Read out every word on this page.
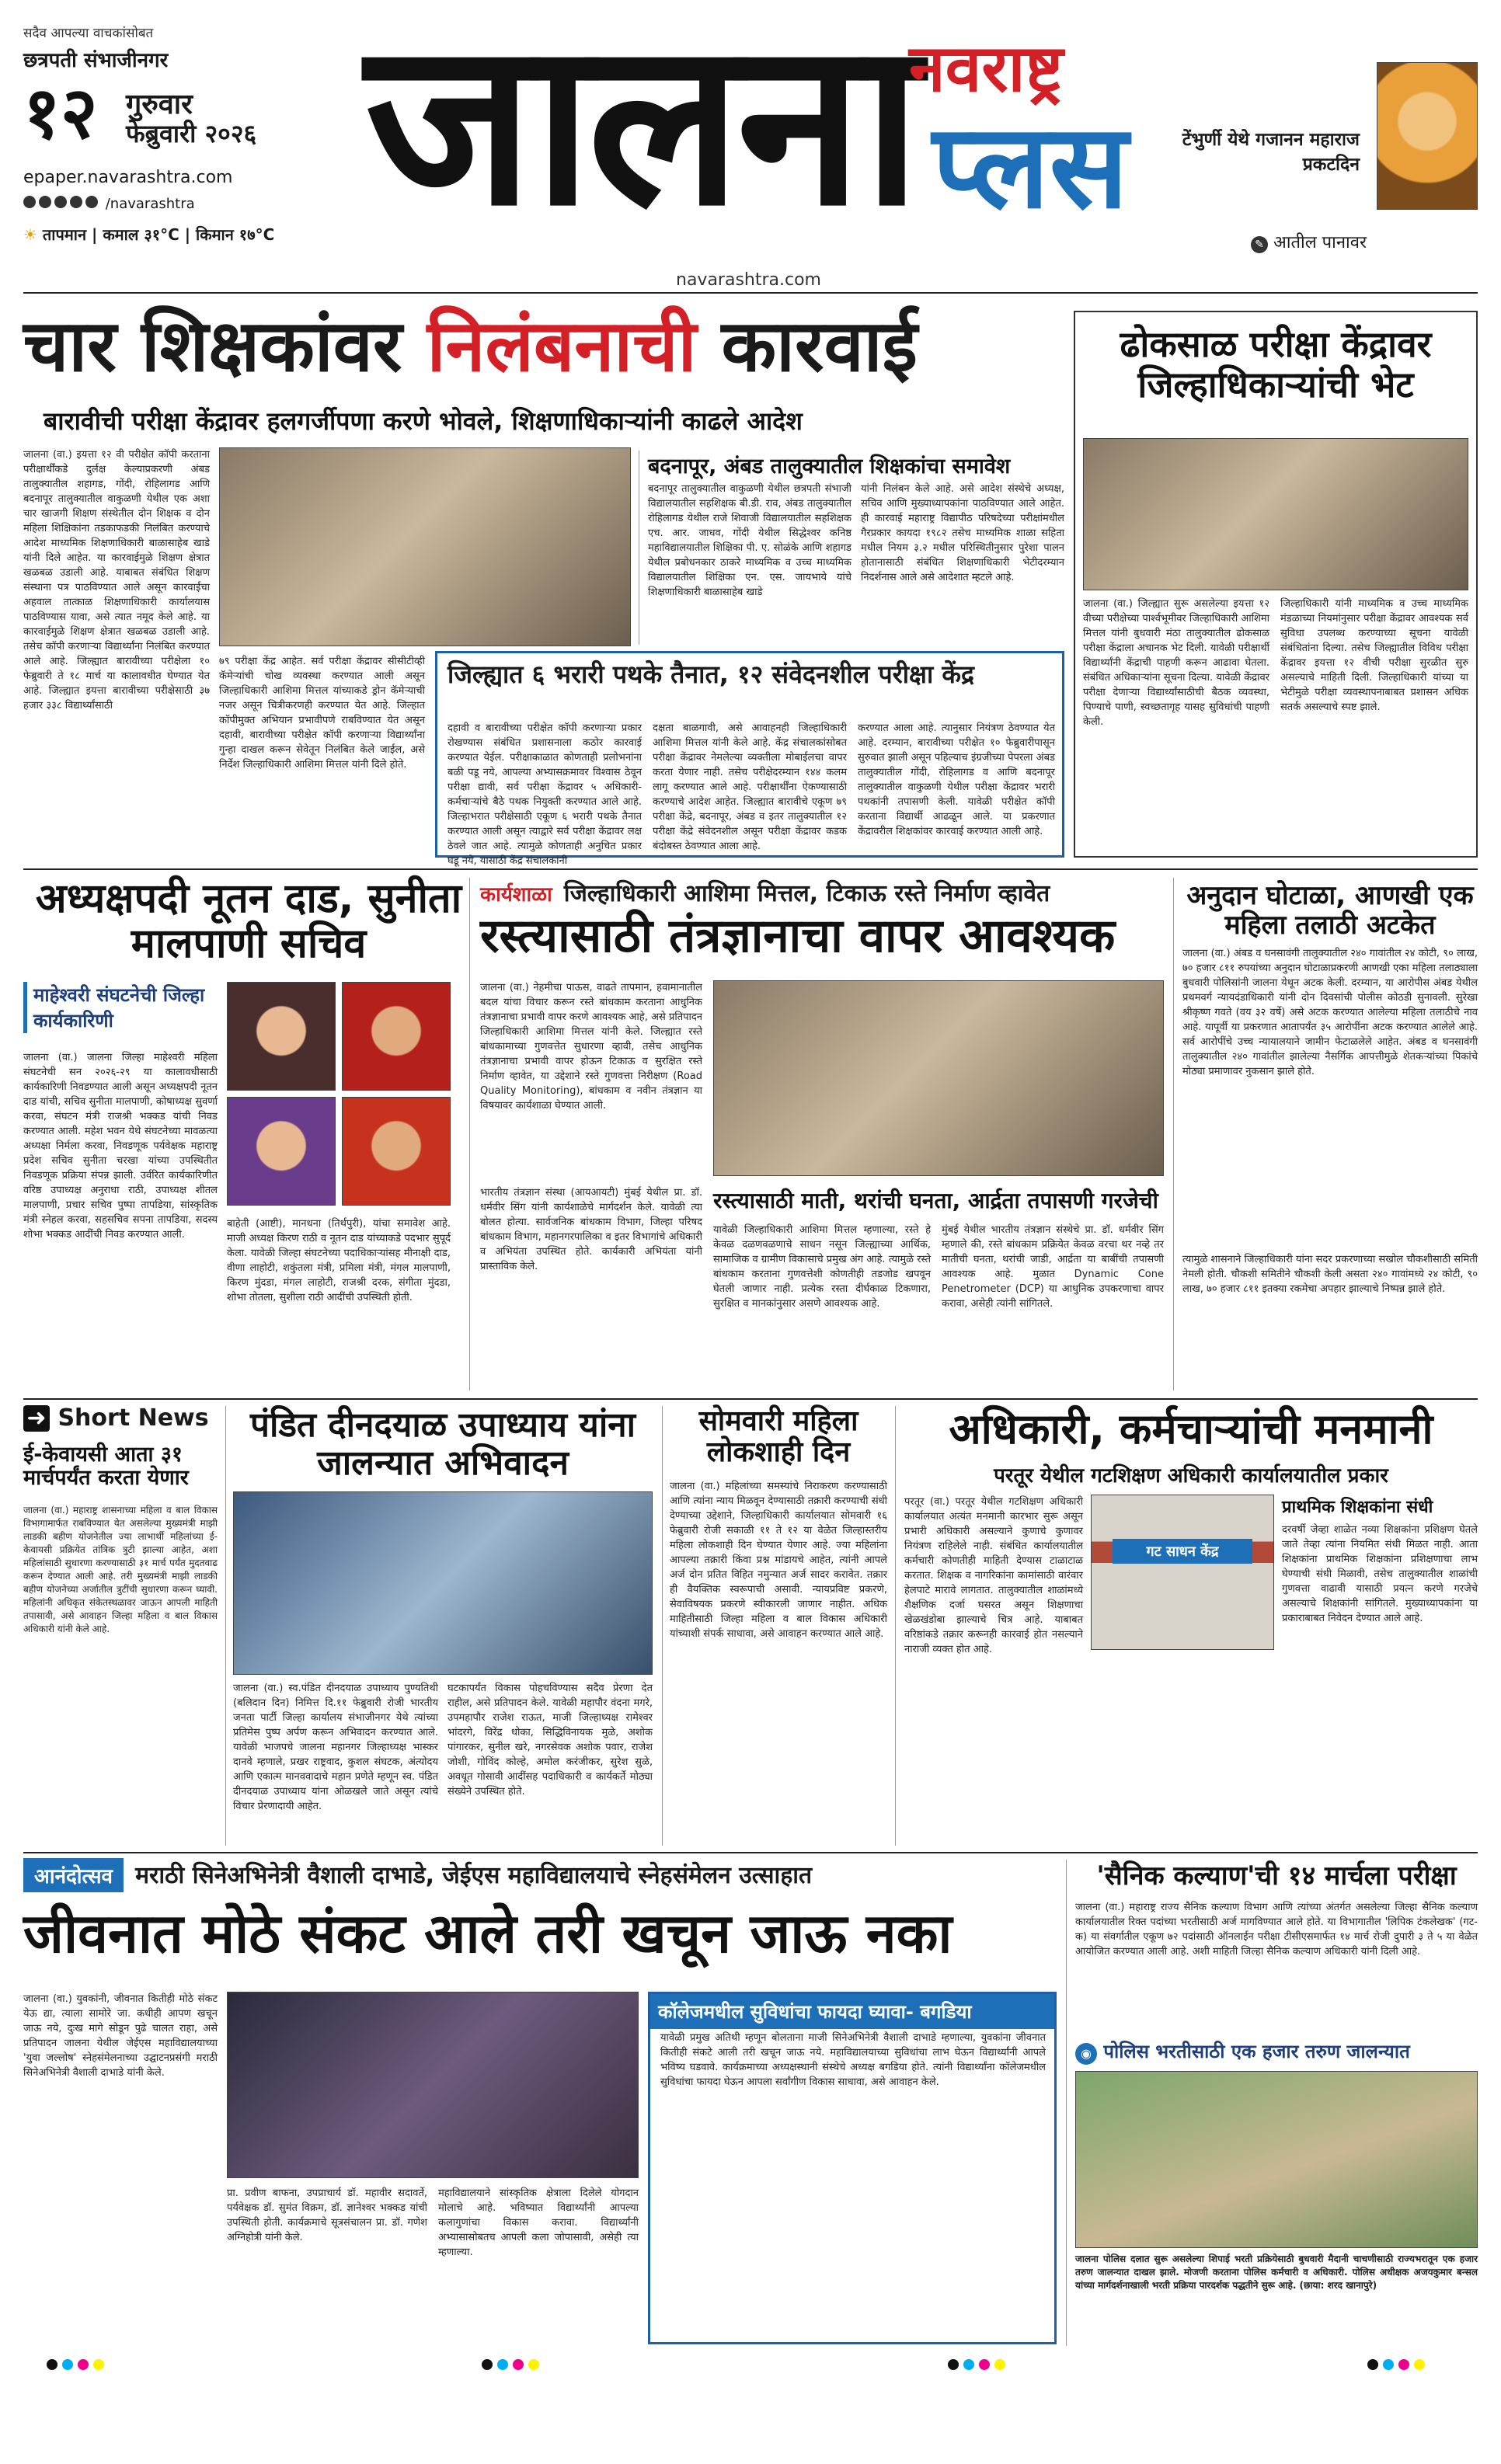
सदैव आपल्या वाचकांसोबत
छत्रपती संभाजीनगर
१२ गुरुवार
फेब्रुवारी २०२६
epaper.navarashtra.com
/navarashtra
☀ तापमान | कमाल ३१°C | किमान १७°C जालना
नवराष्ट्र
प्लस
navarashtra.com
टेंभुर्णी येथे गजानन महाराज प्रकटदिन
✎ आतील पानावर
चार शिक्षकांवर निलंबनाची कारवाई
बारावीची परीक्षा केंद्रावर हलगर्जीपणा करणे भोवले, शिक्षणाधिकाऱ्यांनी काढले आदेश
जालना (वा.) इयत्ता १२ वी परीक्षेत कॉपी करताना परीक्षार्थींकडे दुर्लक्ष केल्याप्रकरणी अंबड तालुक्यातील शहागड, गोंदी, रोहिलागड आणि बदनापूर तालुक्यातील वाकुळणी येथील एक अशा चार खाजगी शिक्षण संस्थेतील दोन शिक्षक व दोन महिला शिक्षिकांना तडकाफडकी निलंबित करण्याचे आदेश माध्यमिक शिक्षणाधिकारी बाळासाहेब खाडे यांनी दिले आहेत. या कारवाईमुळे शिक्षण क्षेत्रात खळबळ उडाली आहे. याबाबत संबंधित शिक्षण संस्थाना पत्र पाठविण्यात आले असून कारवाईचा अहवाल तात्काळ शिक्षणाधिकारी कार्यालयास पाठविण्यास यावा, असे त्यात नमूद केले आहे. या कारवाईमुळे शिक्षण क्षेत्रात खळबळ उडाली आहे. तसेच कॉपी करणाऱ्या विद्यार्थ्यांना निलंबित करण्यात आले आहे. जिल्ह्यात बारावीच्या परीक्षेला १० फेब्रुवारी ते १८ मार्च या कालावधीत घेण्यात येत आहे. जिल्ह्यात इयत्ता बारावीच्या परीक्षेसाठी ३७ हजार ३३८ विद्यार्थ्यांसाठी
७९ परीक्षा केंद्र आहेत. सर्व परीक्षा केंद्रावर सीसीटीव्ही कॅमेऱ्यांची चोख व्यवस्था करण्यात आली असून जिल्हाधिकारी आशिमा मित्तल यांच्याकडे ड्रोन कॅमेऱ्याची नजर असून चित्रीकरणही करण्यात येत आहे. जिल्हात कॉपीमुक्त अभियान प्रभावीपणे राबविण्यात येत असून दहावी, बारावीच्या परीक्षेत कॉपी करणाऱ्या विद्यार्थ्यांना गुन्हा दाखल करून सेवेतून निलंबित केले जाईल, असे निर्देश जिल्हाधिकारी आशिमा मित्तल यांनी दिले होते.
बदनापूर, अंबड तालुक्यातील शिक्षकांचा समावेश
बदनापूर तालुक्यातील वाकुळणी येथील छत्रपती संभाजी विद्यालयातील सहशिक्षक बी.डी. राव, अंबड तालुक्यातील रोहिलागड येथील राजे शिवाजी विद्यालयातील सहशिक्षक एच. आर. जाधव, गोंदी येथील सिद्धेश्वर कनिष्ठ महाविद्यालयातील शिक्षिका पी. ए. सोळंके आणि शहागड येथील प्रबोधनकार ठाकरे माध्यमिक व उच्च माध्यमिक विद्यालयातील शिक्षिका एन. एस. जायभाये यांचे शिक्षणाधिकारी बाळासाहेब खाडे
यांनी निलंबन केले आहे. असे आदेश संस्थेचे अध्यक्ष, सचिव आणि मुख्याध्यापकांना पाठविण्यात आले आहेत. ही कारवाई महाराष्ट्र विद्यापीठ परिषदेच्या परीक्षांमधील गैरप्रकार कायदा १९८२ तसेच माध्यमिक शाळा सहिता मधील नियम ३.२ मधील परिस्थितीनुसार पुरेशा पालन होतानासाठी संबंधित शिक्षणाधिकारी भेटीदरम्यान निदर्शनास आले असे आदेशात म्हटले आहे.
जिल्ह्यात ६ भरारी पथके तैनात, १२ संवेदनशील परीक्षा केंद्र
दहावी व बारावीच्या परीक्षेत कॉपी करणाऱ्या प्रकार रोखण्यास संबंधित प्रशासनाला कठोर कारवाई करण्यात येईल. परीक्षाकाळात कोणताही प्रलोभनांना बळी पडू नये, आपल्या अभ्यासक्रमावर विश्वास ठेवून परीक्षा द्यावी, सर्व परीक्षा केंद्रावर ५ अधिकारी-कर्मचाऱ्यांचे बैठे पथक नियुक्ती करण्यात आले आहे. जिल्हाभरात परीक्षेसाठी एकूण ६ भरारी पथके तैनात करण्यात आली असून त्याद्वारे सर्व परीक्षा केंद्रावर लक्ष ठेवले जात आहे. त्यामुळे कोणताही अनुचित प्रकार घडू नये, यासाठी केंद्र संचालकांनी
दक्षता बाळगावी, असे आवाहनही जिल्हाधिकारी आशिमा मित्तल यांनी केले आहे. केंद्र संचालकांसोबत परीक्षा केंद्रावर नेमलेल्या व्यक्तीला मोबाईलचा वापर करता येणार नाही. तसेच परीक्षेदरम्यान १४४ कलम लागू करण्यात आले आहे. परीक्षार्थींना ऐकण्यासाठी करण्याचे आदेश आहेत. जिल्ह्यात बारावीचे एकूण ७९ परीक्षा केंद्रे, बदनापूर, अंबड व इतर तालुक्यातील १२ परीक्षा केंद्रे संवेदनशील असून परीक्षा केंद्रावर कडक बंदोबस्त ठेवण्यात आला आहे.
करण्यात आला आहे. त्यानुसार नियंत्रण ठेवण्यात येत आहे. दरम्यान, बारावीच्या परीक्षेत १० फेब्रुवारीपासून सुरुवात झाली असून पहिल्याच इंग्रजीच्या पेपरला अंबड तालुक्यातील गोंदी, रोहिलागड व आणि बदनापूर तालुक्यातील वाकुळणी येथील परीक्षा केंद्रावर भरारी पथकांनी तपासणी केली. यावेळी परीक्षेत कॉपी करताना विद्यार्थी आढळून आले. या प्रकरणात केंद्रावरील शिक्षकांवर कारवाई करण्यात आली आहे.
ढोकसाळ परीक्षा केंद्रावर जिल्हाधिकाऱ्यांची भेट
जालना (वा.) जिल्ह्यात सुरू असलेल्या इयत्ता १२ वीच्या परीक्षेच्या पार्श्वभूमीवर जिल्हाधिकारी आशिमा मित्तल यांनी बुधवारी मंठा तालुक्यातील ढोकसाळ परीक्षा केंद्राला अचानक भेट दिली. यावेळी परीक्षार्थी विद्यार्थ्यांनी केंद्राची पाहणी करून आढावा घेतला. संबंधित अधिकाऱ्यांना सूचना दिल्या. यावेळी केंद्रावर परीक्षा देणाऱ्या विद्यार्थ्यांसाठीची बैठक व्यवस्था, पिण्याचे पाणी, स्वच्छतागृह यासह सुविधांची पाहणी केली.
जिल्हाधिकारी यांनी माध्यमिक व उच्च माध्यमिक मंडळाच्या नियमांनुसार परीक्षा केंद्रावर आवश्यक सर्व सुविधा उपलब्ध करण्याच्या सूचना यावेळी संबंधितांना दिल्या. तसेच जिल्ह्यातील विविध परीक्षा केंद्रावर इयत्ता १२ वीची परीक्षा सुरळीत सुरु असल्याचे माहिती दिली. जिल्हाधिकारी यांच्या या भेटीमुळे परीक्षा व्यवस्थापनाबाबत प्रशासन अधिक सतर्क असल्याचे स्पष्ट झाले.
अध्यक्षपदी नूतन दाड, सुनीता मालपाणी सचिव
माहेश्वरी संघटनेची जिल्हा कार्यकारिणी
जालना (वा.) जालना जिल्हा माहेश्वरी महिला संघटनेची सन २०२६-२९ या कालावधीसाठी कार्यकारिणी निवडण्यात आली असून अध्यक्षपदी नूतन दाड यांची, सचिव सुनीता मालपाणी, कोषाध्यक्ष सुवर्णा करवा, संघटन मंत्री राजश्री भक्कड यांची निवड करण्यात आली. महेश भवन येथे संघटनेच्या मावळत्या अध्यक्षा निर्मला करवा, निवडणूक पर्यवेक्षक महाराष्ट्र प्रदेश सचिव सुनीता चरखा यांच्या उपस्थितीत निवडणूक प्रक्रिया संपन्न झाली. उर्वरित कार्यकारिणीत वरिष्ठ उपाध्यक्ष अनुराधा राठी, उपाध्यक्ष शीतल मालपाणी, प्रचार सचिव पुष्पा तापडिया, सांस्कृतिक मंत्री स्नेहल करवा, सहसचिव सपना तापडिया, सदस्य शोभा भक्कड आदींची निवड करण्यात आली.
बाहेती (आष्टी), मानधना (तिर्थपुरी), यांचा समावेश आहे. माजी अध्यक्ष किरण राठी व नूतन दाड यांच्याकडे पदभार सुपूर्द केला. यावेळी जिल्हा संघटनेच्या पदाधिकाऱ्यांसह मीनाक्षी दाड, वीणा लाहोटी, शकुंतला मंत्री, प्रमिला मंत्री, मंगल मालपाणी, किरण मुंदडा, मंगल लाहोटी, राजश्री दरक, संगीता मुंदडा, शोभा तोतला, सुशीला राठी आदींची उपस्थिती होती.
कार्यशाळा जिल्हाधिकारी आशिमा मित्तल, टिकाऊ रस्ते निर्माण व्हावेत
रस्त्यासाठी तंत्रज्ञानाचा वापर आवश्यक
जालना (वा.) नेहमीचा पाऊस, वाढते तापमान, हवामानातील बदल यांचा विचार करून रस्ते बांधकाम करताना आधुनिक तंत्रज्ञानाचा प्रभावी वापर करणे आवश्यक आहे, असे प्रतिपादन जिल्हाधिकारी आशिमा मित्तल यांनी केले. जिल्ह्यात रस्ते बांधकामाच्या गुणवत्तेत सुधारणा व्हावी, तसेच आधुनिक तंत्रज्ञानाचा प्रभावी वापर होऊन टिकाऊ व सुरक्षित रस्ते निर्माण व्हावेत, या उद्देशाने रस्ते गुणवत्ता निरीक्षण (Road Quality Monitoring), बांधकाम व नवीन तंत्रज्ञान या विषयावर कार्यशाळा घेण्यात आली.
भारतीय तंत्रज्ञान संस्था (आयआयटी) मुंबई येथील प्रा. डॉ. धर्मवीर सिंग यांनी कार्यशाळेचे मार्गदर्शन केले. यावेळी त्या बोलत होत्या. सार्वजनिक बांधकाम विभाग, जिल्हा परिषद बांधकाम विभाग, महानगरपालिका व इतर विभागांचे अधिकारी व अभियंता उपस्थित होते. कार्यकारी अभियंता यांनी प्रास्ताविक केले.
रस्त्यासाठी माती, थरांची घनता, आर्द्रता तपासणी गरजेची
यावेळी जिल्हाधिकारी आशिमा मित्तल म्हणाल्या, रस्ते हे केवळ दळणवळणाचे साधन नसून जिल्ह्याच्या आर्थिक, सामाजिक व ग्रामीण विकासाचे प्रमुख अंग आहे. त्यामुळे रस्ते बांधकाम करताना गुणवत्तेशी कोणतीही तडजोड खपवून घेतली जाणार नाही. प्रत्येक रस्ता दीर्घकाळ टिकणारा, सुरक्षित व मानकांनुसार असणे आवश्यक आहे.
मुंबई येथील भारतीय तंत्रज्ञान संस्थेचे प्रा. डॉ. धर्मवीर सिंग म्हणाले की, रस्ते बांधकाम प्रक्रियेत केवळ वरचा थर नव्हे तर मातीची घनता, थरांची जाडी, आर्द्रता या बाबींची तपासणी आवश्यक आहे. मुळात Dynamic Cone Penetrometer (DCP) या आधुनिक उपकरणाचा वापर करावा, असेही त्यांनी सांगितले.
अनुदान घोटाळा, आणखी एक महिला तलाठी अटकेत
जालना (वा.) अंबड व घनसावंगी तालुक्यातील २४० गावांतील २४ कोटी, ९० लाख, ७० हजार ८११ रुपयांच्या अनुदान घोटाळाप्रकरणी आणखी एका महिला तलाठ्याला बुधवारी पोलिसांनी जालना येथून अटक केली. दरम्यान, या आरोपीस अंबड येथील प्रथमवर्ग न्यायदंडाधिकारी यांनी दोन दिवसांची पोलीस कोठडी सुनावली. सुरेखा श्रीकृष्ण गवते (वय ३२ वर्षे) असे अटक करण्यात आलेल्या महिला तलाठीचे नाव आहे. यापूर्वी या प्रकरणात आतापर्यंत ३५ आरोपींना अटक करण्यात आलेले आहे. सर्व आरोपींचे उच्च न्यायालयाने जामीन फेटाळलेले आहेत. अंबड व घनसावंगी तालुक्यातील २४० गावांतील झालेल्या नैसर्गिक आपत्तीमुळे शेतकऱ्यांच्या पिकांचे मोठ्या प्रमाणावर नुकसान झाले होते.
त्यामुळे शासनाने जिल्हाधिकारी यांना सदर प्रकरणाच्या सखोल चौकशीसाठी समिती नेमली होती. चौकशी समितीने चौकशी केली असता २४० गावांमध्ये २४ कोटी, ९० लाख, ७० हजार ८११ इतक्या रकमेचा अपहार झाल्याचे निष्पन्न झाले होते.
➜ Short News
ई-केवायसी आता ३१ मार्चपर्यंत करता येणार
जालना (वा.) महाराष्ट्र शासनाच्या महिला व बाल विकास विभागामार्फत राबविण्यात येत असलेल्या मुख्यमंत्री माझी लाडकी बहीण योजनेतील ज्या लाभार्थी महिलांच्या ई-केवायसी प्रक्रियेत तांत्रिक त्रुटी झाल्या आहेत, अशा महिलांसाठी सुधारणा करण्यासाठी ३१ मार्च पर्यंत मुदतवाढ करून देण्यात आली आहे. तरी मुख्यमंत्री माझी लाडकी बहीण योजनेच्या अर्जातील त्रुटींची सुधारणा करून घ्यावी. महिलांनी अधिकृत संकेतस्थळावर जाऊन आपली माहिती तपासावी, असे आवाहन जिल्हा महिला व बाल विकास अधिकारी यांनी केले आहे.
पंडित दीनदयाळ उपाध्याय यांना जालन्यात अभिवादन
जालना (वा.) स्व.पंडित दीनदयाळ उपाध्याय पुण्यतिथी (बलिदान दिन) निमित्त दि.११ फेब्रुवारी रोजी भारतीय जनता पार्टी जिल्हा कार्यालय संभाजीनगर येथे त्यांच्या प्रतिमेस पुष्प अर्पण करून अभिवादन करण्यात आले. यावेळी भाजपचे जालना महानगर जिल्हाध्यक्ष भास्कर दानवे म्हणाले, प्रखर राष्ट्रवाद, कुशल संघटक, अंत्योदय आणि एकात्म मानववादाचे महान प्रणेते म्हणून स्व. पंडित दीनदयाळ उपाध्याय यांना ओळखले जाते असून त्यांचे विचार प्रेरणादायी आहेत.
घटकापर्यंत विकास पोहचविण्यास सदैव प्रेरणा देत राहील, असे प्रतिपादन केले. यावेळी महापौर वंदना मगरे, उपमहापौर राजेश राऊत, माजी जिल्हाध्यक्ष रामेश्वर भांदरगे, विरेंद्र धोका, सिद्धिविनायक मुळे, अशोक पांगारकर, सुनील खरे, नगरसेवक अशोक पवार, राजेश जोशी, गोविंद कोल्हे, अमोल करंजीकर, सुरेश सुळे, अवधूत गोसावी आदींसह पदाधिकारी व कार्यकर्ते मोठ्या संख्येने उपस्थित होते.
सोमवारी महिला लोकशाही दिन
जालना (वा.) महिलांच्या समस्यांचे निराकरण करण्यासाठी आणि त्यांना न्याय मिळवून देण्यासाठी तक्रारी करण्याची संधी देण्याच्या उद्देशाने, जिल्हाधिकारी कार्यालयात सोमवारी १६ फेब्रुवारी रोजी सकाळी ११ ते १२ या वेळेत जिल्हास्तरीय महिला लोकशाही दिन घेण्यात येणार आहे. ज्या महिलांना आपल्या तक्रारी किंवा प्रश्न मांडायचे आहेत, त्यांनी आपले अर्ज दोन प्रतित विहित नमुन्यात अर्ज सादर करावेत. तक्रार ही वैयक्तिक स्वरूपाची असावी. न्यायप्रविष्ट प्रकरणे, सेवाविषयक प्रकरणे स्वीकारली जाणार नाहीत. अधिक माहितीसाठी जिल्हा महिला व बाल विकास अधिकारी यांच्याशी संपर्क साधावा, असे आवाहन करण्यात आले आहे.
अधिकारी, कर्मचाऱ्यांची मनमानी
परतूर येथील गटशिक्षण अधिकारी कार्यालयातील प्रकार
परतूर (वा.) परतूर येथील गटशिक्षण अधिकारी कार्यालयात अत्यंत मनमानी कारभार सुरू असून प्रभारी अधिकारी असल्याने कुणाचे कुणावर नियंत्रण राहिलेले नाही. संबंधित कार्यालयातील कर्मचारी कोणतीही माहिती देण्यास टाळाटाळ करतात. शिक्षक व नागरिकांना कामांसाठी वारंवार हेलपाटे मारावे लागतात. तालुक्यातील शाळांमध्ये शैक्षणिक दर्जा घसरत असून शिक्षणाचा खेळखंडोबा झाल्याचे चित्र आहे. याबाबत वरिष्ठांकडे तक्रार करूनही कारवाई होत नसल्याने नाराजी व्यक्त होत आहे.
गट साधन केंद्र
प्राथमिक शिक्षकांना संधी
दरवर्षी जेव्हा शाळेत नव्या शिक्षकांना प्रशिक्षण घेतले जाते तेव्हा त्यांना नियमित संधी मिळत नाही. आता शिक्षकांना प्राथमिक शिक्षकांना प्रशिक्षणाचा लाभ घेण्याची संधी मिळावी, तसेच तालुक्यातील शाळांची गुणवत्ता वाढावी यासाठी प्रयत्न करणे गरजेचे असल्याचे शिक्षकांनी सांगितले. मुख्याध्यापकांना या प्रकाराबाबत निवेदन देण्यात आले आहे.
आनंदोत्सव मराठी सिनेअभिनेत्री वैशाली दाभाडे, जेईएस महाविद्यालयाचे स्नेहसंमेलन उत्साहात
जीवनात मोठे संकट आले तरी खचून जाऊ नका
जालना (वा.) युवकांनी, जीवनात कितीही मोठे संकट येऊ द्या, त्याला सामोरे जा. कधीही आपण खचून जाऊ नये, दुःख मागे सोडून पुढे चालत राहा, असे प्रतिपादन जालना येथील जेईएस महाविद्यालयाच्या 'युवा जल्लोष' स्नेहसंमेलनाच्या उद्घाटनप्रसंगी मराठी सिनेअभिनेत्री वैशाली दाभाडे यांनी केले.
प्रा. प्रवीण बाफना, उपप्राचार्य डॉ. महावीर सदावर्ते, पर्यवेक्षक डॉ. सुमंत विक्रम, डॉ. ज्ञानेश्वर भक्कड यांची उपस्थिती होती. कार्यक्रमाचे सूत्रसंचालन प्रा. डॉ. गणेश अग्निहोत्री यांनी केले.
महाविद्यालयाने सांस्कृतिक क्षेत्राला दिलेले योगदान मोलाचे आहे. भविष्यात विद्यार्थ्यांनी आपल्या कलागुणांचा विकास करावा. विद्यार्थ्यांनी अभ्यासासोबतच आपली कला जोपासावी, असेही त्या म्हणाल्या.
कॉलेजमधील सुविधांचा फायदा घ्यावा- बगडिया
यावेळी प्रमुख अतिथी म्हणून बोलताना माजी सिनेअभिनेत्री वैशाली दाभाडे म्हणाल्या, युवकांना जीवनात कितीही संकटे आली तरी खचून जाऊ नये. महाविद्यालयाच्या सुविधांचा लाभ घेऊन विद्यार्थ्यांनी आपले भविष्य घडवावे. कार्यक्रमाच्या अध्यक्षस्थानी संस्थेचे अध्यक्ष बगडिया होते. त्यांनी विद्यार्थ्यांना कॉलेजमधील सुविधांचा फायदा घेऊन आपला सर्वांगीण विकास साधावा, असे आवाहन केले.
'सैनिक कल्याण'ची १४ मार्चला परीक्षा
जालना (वा.) महाराष्ट्र राज्य सैनिक कल्याण विभाग आणि त्यांच्या अंतर्गत असलेल्या जिल्हा सैनिक कल्याण कार्यालयातील रिक्त पदांच्या भरतीसाठी अर्ज मागविण्यात आले होते. या विभागातील 'लिपिक टंकलेखक' (गट-क) या संवर्गातील एकूण ७२ पदांसाठी ऑनलाईन परीक्षा टीसीएसमार्फत १४ मार्च रोजी दुपारी ३ ते ५ या वेळेत आयोजित करण्यात आली आहे. अशी माहिती जिल्हा सैनिक कल्याण अधिकारी यांनी दिली आहे.
◉ पोलिस भरतीसाठी एक हजार तरुण जालन्यात
जालना पोलिस दलात सुरू असलेल्या शिपाई भरती प्रक्रियेसाठी बुधवारी मैदानी चाचणीसाठी राज्यभरातून एक हजार तरुण जालन्यात दाखल झाले. मोजणी करताना पोलिस कर्मचारी व अधिकारी. पोलिस अधीक्षक अजयकुमार बन्सल यांच्या मार्गदर्शनाखाली भरती प्रक्रिया पारदर्शक पद्धतीने सुरू आहे. (छाया: शरद खानापुरे)
